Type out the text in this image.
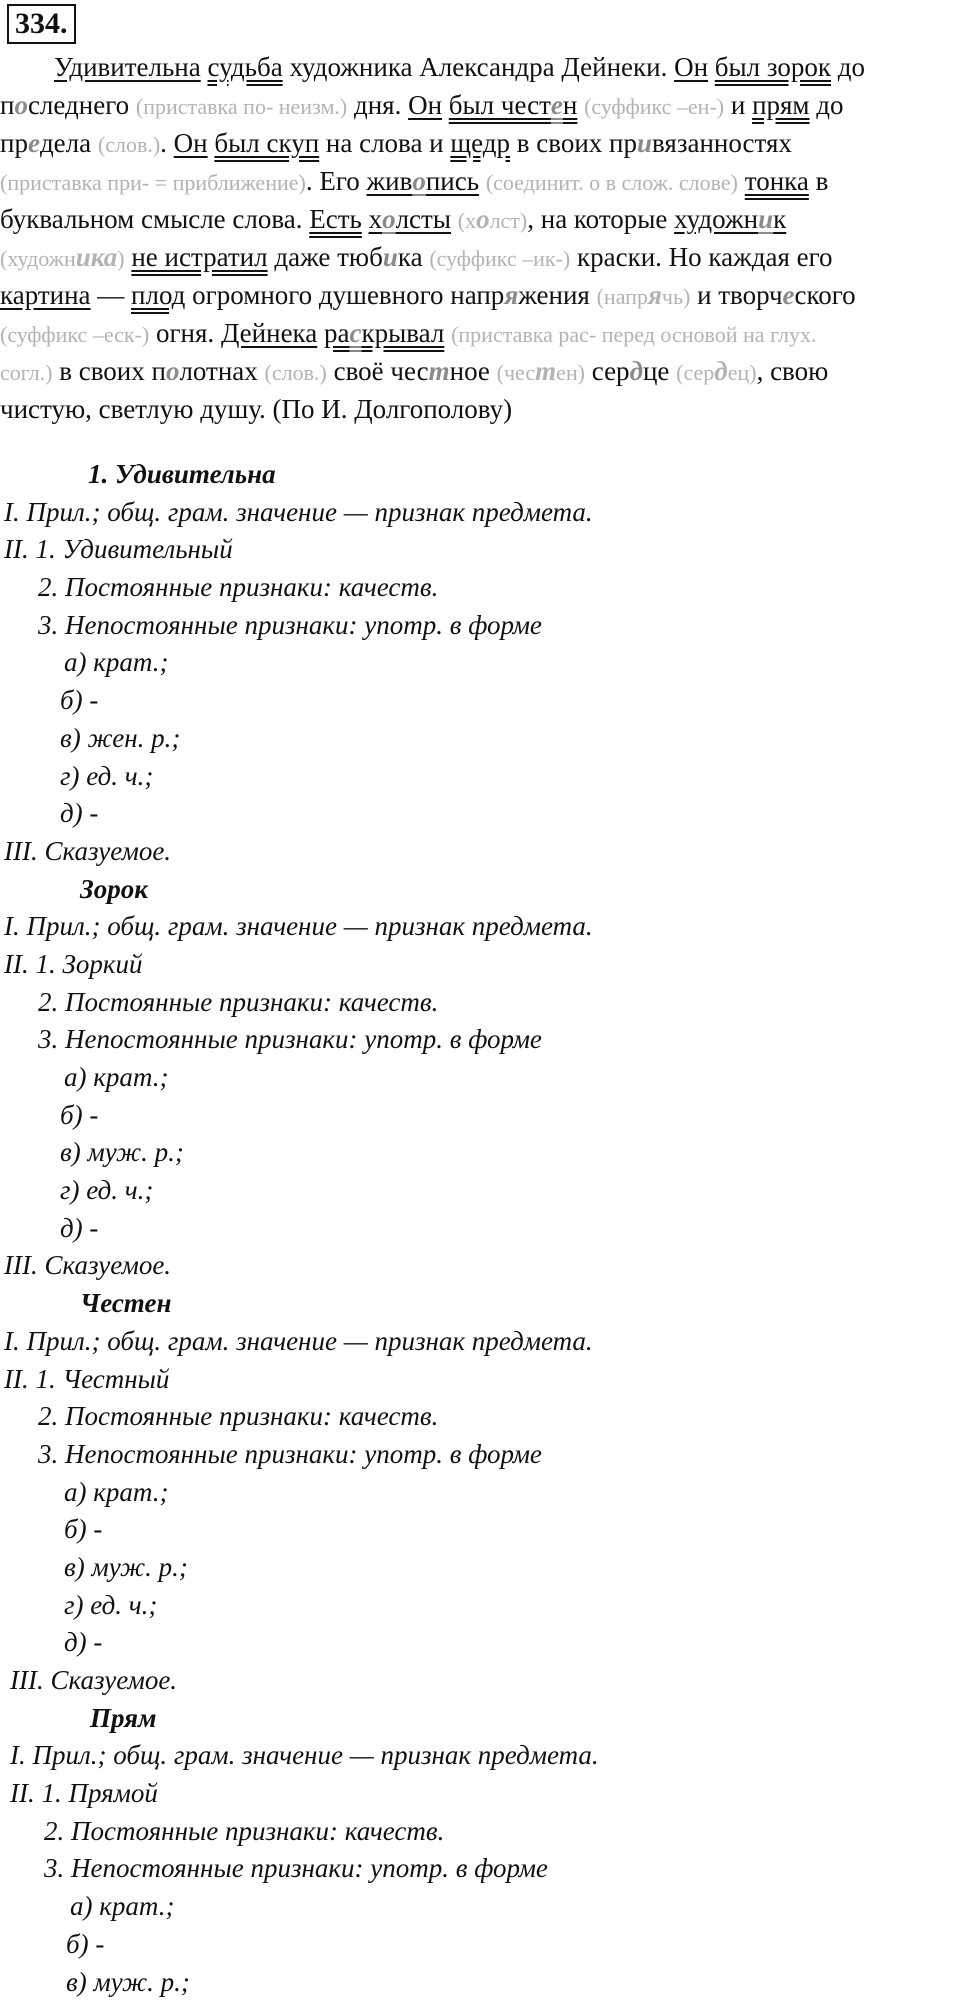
334.
Удивительна судьба художника Александра Дейнеки. Он был зорок до
последнего (приставка по- неизм.) дня. Он был честен (суффикс –ен-) и прям до
предела (слов.). Он был скуп на слова и щедр в своих привязанностях
(приставка при- = приближение). Его живопись (соединит. о в слож. слове) тонка в
буквальном смысле слова. Есть холсты (холст), на которые художник
(художника) не истратил даже тюбика (суффикс –ик-) краски. Но каждая его
картина — плод огромного душевного напряжения (напрячь) и творческого
(суффикс –еск-) огня. Дейнека раскрывал (приставка рас- перед основой на глух.
согл.) в своих полотнах (слов.) своё честное (честен) сердце (сердец), свою
чистую, светлую душу. (По И. Долгополову)
1. Удивительна
I. Прил.; общ. грам. значение — признак предмета.
II. 1. Удивительный
2. Постоянные признаки: качеств.
3. Непостоянные признаки: употр. в форме
а) крат.;
б) -
в) жен. р.;
г) ед. ч.;
д) -
III. Сказуемое.
Зорок
I. Прил.; общ. грам. значение — признак предмета.
II. 1. Зоркий
2. Постоянные признаки: качеств.
3. Непостоянные признаки: употр. в форме
а) крат.;
б) -
в) муж. р.;
г) ед. ч.;
д) -
III. Сказуемое.
Честен
I. Прил.; общ. грам. значение — признак предмета.
II. 1. Честный
2. Постоянные признаки: качеств.
3. Непостоянные признаки: употр. в форме
а) крат.;
б) -
в) муж. р.;
г) ед. ч.;
д) -
III. Сказуемое.
Прям
I. Прил.; общ. грам. значение — признак предмета.
II. 1. Прямой
2. Постоянные признаки: качеств.
3. Непостоянные признаки: употр. в форме
а) крат.;
б) -
в) муж. р.;
